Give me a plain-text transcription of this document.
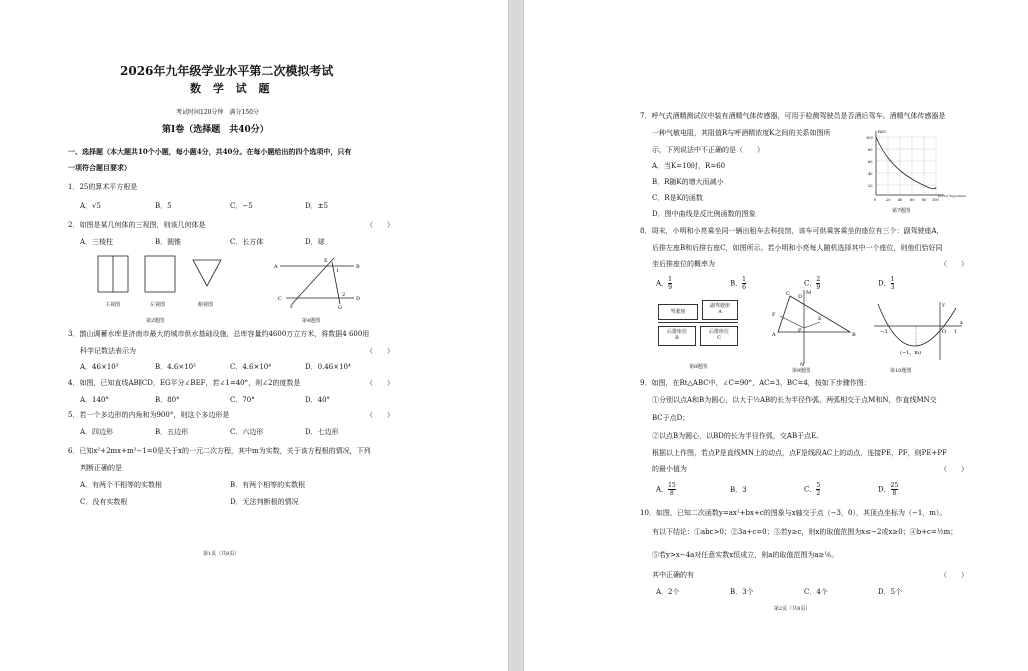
2026年九年级学业水平第二次模拟考试
数 学 试 题
考试时间120分钟　满分150分
第Ⅰ卷（选择题　共40分）
一、选择题（本大题共10个小题，每小题4分，共40分。在每小题给出的四个选项中，只有
一项符合题目要求）
1．25的算术平方根是
A．√5	B．5	C．−5	D．±5
2．如图是某几何体的三视图，则该几何体是	（　　）
A．三棱柱	B．圆锥	C．长方体	D．球
主视图	左视图	俯视图
第2题图
A
E
B
1
2
C
F	G
D
第4题图
3．鹊山调蓄水库是济南市最大的城市供水基础设施，总库容量约4600万立方米，将数据4 600用
科学记数法表示为	（　　）
A．46×10³	B．4.6×10³	C．4.6×10⁴	D．0.46×10⁴
4．如图，已知直线AB∥CD，EG平分∠BEF，若∠1=40°，则∠2的度数是	（　　）
A．140°	B．80°	C．70°	D．40°
5．若一个多边形的内角和为900°，则这个多边形是	（　　）
A．四边形	B．五边形	C．六边形	D．七边形
6．已知x²+2mx+m²−1=0是关于x的一元二次方程，其中m为实数，关于该方程根的情况，下列
判断正确的是
A．有两个不相等的实数根	B．有两个相等的实数根
C．没有实数根	D．无法判断根的情况
第1页（共8页）
7．呼气式酒精测试仪中装有酒精气体传感器，可用于检测驾驶员是否酒后驾车。酒精气体传感器是
一种气敏电阻，其阻值R与呼酒精浓度K之间的关系如图所
示，下列说法中不正确的是（　　）
A．当K=10时，R=60
B．R随K的增大而减小
C．R是K的函数
D．图中曲线是反比例函数的图象
R/Ω
100
80
60
40
20
0	20 40 60 80 100
K/×10⁻³mg/100ml
第7题图
8．周末，小明和小亮乘坐同一辆出租车去科技馆，该车可供乘客乘坐的座位有三个：副驾驶座A，
后排左座B和后排右座C，如图所示。若小明和小亮每人随机选择其中一个座位，则他们恰好同
坐后排座位的概率为	（　　）
A． $\frac{1}{9}$	B． $\frac{1}{6}$	C． $\frac{2}{9}$	D． $\frac{1}{3}$
驾驶座
副驾驶座
A
后排座位
B
后排座位
C
第8题图
C D
M
F
E
P
A	B
N
第9题图
y
x
−3	O 1
(−1，m)
第10题图
9．如图，在Rt△ABC中，∠C=90°，AC=3，BC=4，按如下步骤作图：
①分别以点A和B为圆心，以大于½AB的长为半径作弧，两弧相交于点M和N，作直线MN交
BC于点D；
②以点B为圆心，以BD的长为半径作弧，交AB于点E。
根据以上作图，若点P是直线MN上的动点，点F是线段AC上的动点，连接PE，PF，则PE+PF
的最小值为	（　　）
A． $\frac{15}{8}$	B．3	C． $\frac{5}{2}$	D． $\frac{25}{8}$
10．如图，已知二次函数y=ax²+bx+c的图象与x轴交于点（−3，0），其顶点坐标为（−1，m）。
有以下结论：①abc>0；②3a+c=0；③若y≥c，则x的取值范围为x≤−2或x≥0；④b+c=½m；
⑤若y>x−4a对任意实数x恒成立，则a的取值范围为a≥⅙。
其中正确的有	（　　）
A．2个	B．3个	C．4个	D．5个
第2页（共8页）
